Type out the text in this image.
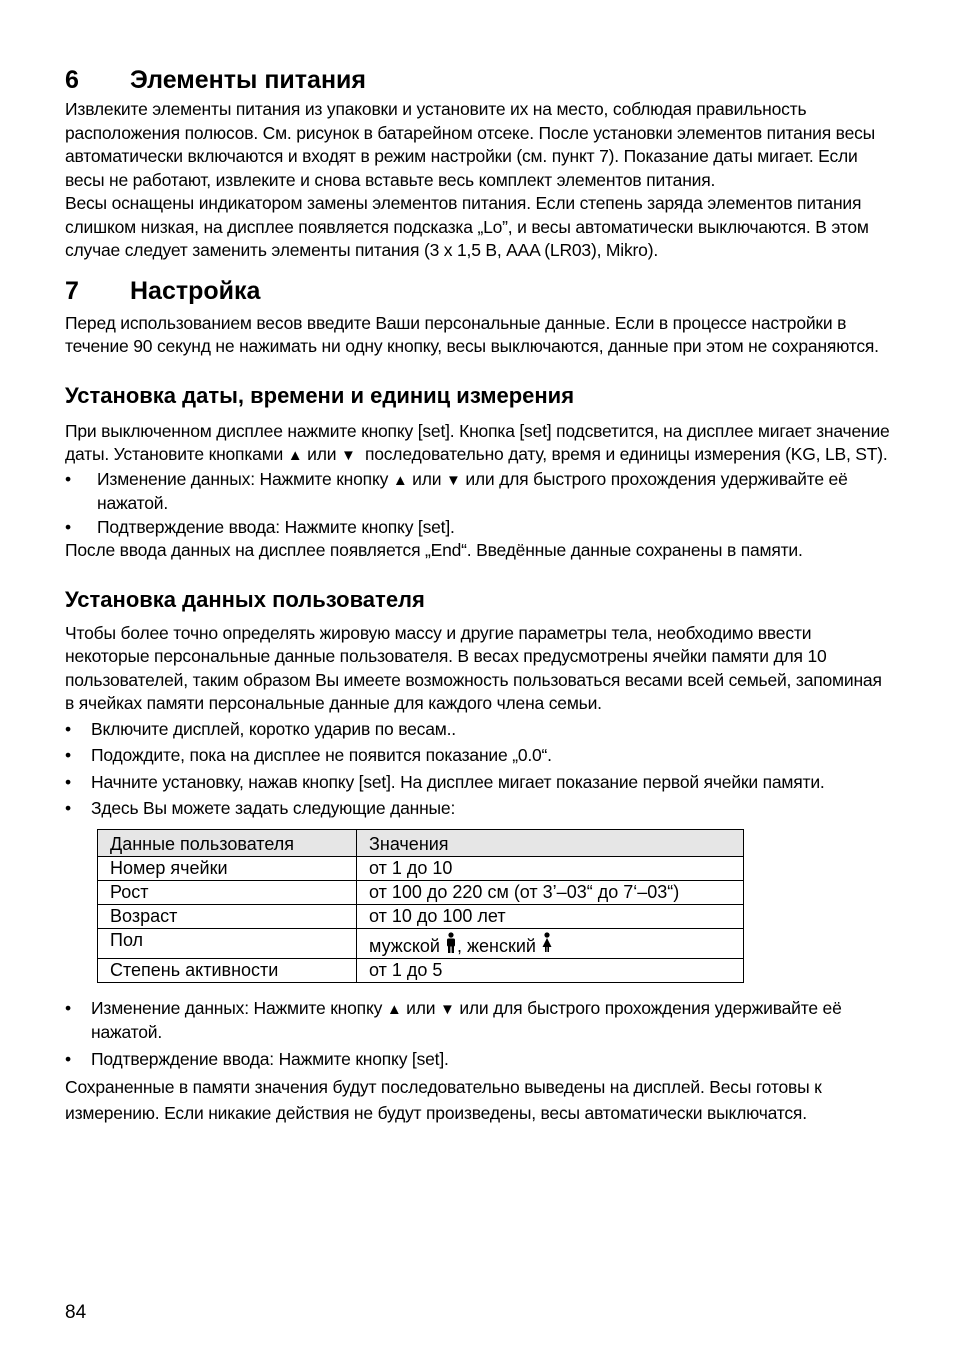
6	Элементы питания

Извлеките элементы питания из упаковки и установите их на место, соблюдая правильность расположения полюсов. См. рисунок в батарейном отсеке. После установки элементов питания весы автоматически включаются и входят в режим настройки (см. пункт 7). Показание даты мигает. Если весы не работают, извлеките и снова вставьте весь комплект элементов питания.

Весы оснащены индикатором замены элементов питания. Если степень заряда элементов питания слишком низкая, на дисплее появляется подсказка „Lo”, и весы автоматически выключаются. В этом случае следует заменить элементы питания (3 x 1,5 В, AAA (LR03), Mikro).

7	Настройка

Перед использованием весов введите Ваши персональные данные. Если в процессе настройки в течение 90 секунд не нажимать ни одну кнопку, весы выключаются, данные при этом не сохраняются.

Установка даты, времени и единиц измерения

При выключенном дисплее нажмите кнопку [set]. Кнопка [set] подсветится, на дисплее мигает значение даты. Установите кнопками ▲ или ▼ последовательно дату, время и единицы измерения (KG, LB, ST).

• Изменение данных: Нажмите кнопку ▲ или ▼ или для быстрого прохождения удерживайте её нажатой.
• Подтверждение ввода: Нажмите кнопку [set].

После ввода данных на дисплее появляется „End“. Введённые данные сохранены в памяти.

Установка данных пользователя

Чтобы более точно определять жировую массу и другие параметры тела, необходимо ввести некоторые персональные данные пользователя. В весах предусмотрены ячейки памяти для 10 пользователей, таким образом Вы имеете возможность пользоваться весами всей семьей, запоминая в ячейках памяти персональные данные для каждого члена семьи.

• Включите дисплей, коротко ударив по весам..
• Подождите, пока на дисплее не появится показание „0.0“.
• Начните установку, нажав кнопку [set]. На дисплее мигает показание первой ячейки памяти.
• Здесь Вы можете задать следующие данные:
Данные пользователя	Значения
Номер ячейки	от 1 до 10
Рост	от 100 до 220 см (от 3’–03“ до 7‘–03“)
Возраст	от 10 до 100 лет
Пол	мужской , женский
Степень активности	от 1 до 5
• Изменение данных: Нажмите кнопку ▲ или ▼ или для быстрого прохождения удерживайте её нажатой.
• Подтверждение ввода: Нажмите кнопку [set].

Сохраненные в памяти значения будут последовательно выведены на дисплей. Весы готовы к измерению. Если никакие действия не будут произведены, весы автоматически выключатся.

84
